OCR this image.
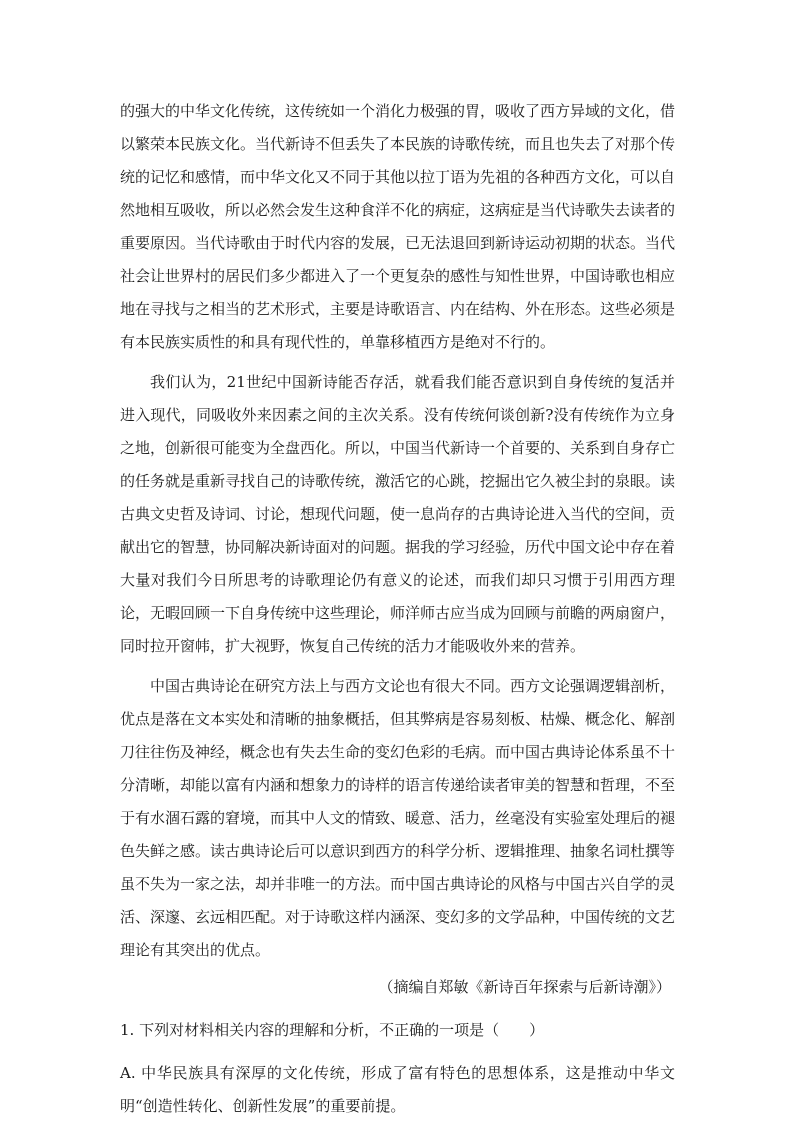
的强大的中华文化传统，这传统如一个消化力极强的胃，吸收了西方异域的文化，借以繁荣本民族文化。当代新诗不但丢失了本民族的诗歌传统，而且也失去了对那个传统的记忆和感情，而中华文化又不同于其他以拉丁语为先祖的各种西方文化，可以自然地相互吸收，所以必然会发生这种食洋不化的病症，这病症是当代诗歌失去读者的重要原因。当代诗歌由于时代内容的发展，已无法退回到新诗运动初期的状态。当代社会让世界村的居民们多少都进入了一个更复杂的感性与知性世界，中国诗歌也相应地在寻找与之相当的艺术形式，主要是诗歌语言、内在结构、外在形态。这些必须是有本民族实质性的和具有现代性的，单靠移植西方是绝对不行的。

我们认为，21世纪中国新诗能否存活，就看我们能否意识到自身传统的复活并进入现代，同吸收外来因素之间的主次关系。没有传统何谈创新?没有传统作为立身之地，创新很可能变为全盘西化。所以，中国当代新诗一个首要的、关系到自身存亡的任务就是重新寻找自己的诗歌传统，激活它的心跳，挖掘出它久被尘封的泉眼。读古典文史哲及诗词、讨论，想现代问题，使一息尚存的古典诗论进入当代的空间，贡献出它的智慧，协同解决新诗面对的问题。据我的学习经验，历代中国文论中存在着大量对我们今日所思考的诗歌理论仍有意义的论述，而我们却只习惯于引用西方理论，无暇回顾一下自身传统中这些理论，师洋师古应当成为回顾与前瞻的两扇窗户，同时拉开窗帏，扩大视野，恢复自己传统的活力才能吸收外来的营养。

中国古典诗论在研究方法上与西方文论也有很大不同。西方文论强调逻辑剖析，优点是落在文本实处和清晰的抽象概括，但其弊病是容易刻板、枯燥、概念化、解剖刀往往伤及神经，概念也有失去生命的变幻色彩的毛病。而中国古典诗论体系虽不十分清晰，却能以富有内涵和想象力的诗样的语言传递给读者审美的智慧和哲理，不至于有水涸石露的窘境，而其中人文的情致、暖意、活力，丝毫没有实验室处理后的褪色失鲜之感。读古典诗论后可以意识到西方的科学分析、逻辑推理、抽象名词杜撰等虽不失为一家之法，却并非唯一的方法。而中国古典诗论的风格与中国古兴自学的灵活、深邃、玄远相匹配。对于诗歌这样内涵深、变幻多的文学品种，中国传统的文艺理论有其突出的优点。

（摘编自郑敏《新诗百年探索与后新诗潮》）

1. 下列对材料相关内容的理解和分析，不正确的一项是（　　）

A. 中华民族具有深厚的文化传统，形成了富有特色的思想体系，这是推动中华文明“创造性转化、创新性发展”的重要前提。
